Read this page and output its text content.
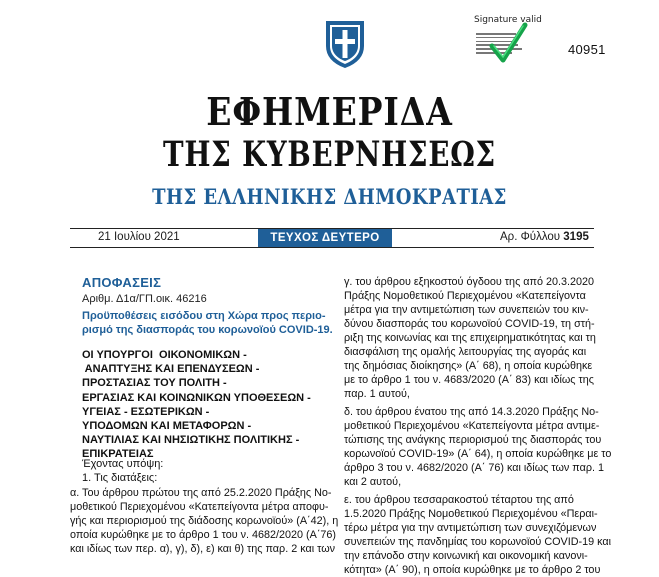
Signature valid
40951
ΕΦΗΜΕΡΙΔΑ
ΤΗΣ ΚΥΒΕΡΝΗΣΕΩΣ
ΤΗΣ ΕΛΛΗΝΙΚΗΣ ΔΗΜΟΚΡΑΤΙΑΣ
21 Ιουλίου 2021	ΤΕΥΧΟΣ ΔΕΥΤΕΡΟ	Αρ. Φύλλου 3195
ΑΠΟΦΑΣΕΙΣ
Αριθμ. Δ1α/ΓΠ.οικ. 46216
Προϋποθέσεις εισόδου στη Χώρα προς περιο-
ρισμό της διασποράς του κορωνοϊού COVID-19.
ΟΙ ΥΠΟΥΡΓΟΙ  ΟΙΚΟΝΟΜΙΚΩΝ -
ΑΝΑΠΤΥΞΗΣ ΚΑΙ ΕΠΕΝΔΥΣΕΩΝ -
ΠΡΟΣΤΑΣΙΑΣ ΤΟΥ ΠΟΛΙΤΗ -
ΕΡΓΑΣΙΑΣ ΚΑΙ ΚΟΙΝΩΝΙΚΩΝ ΥΠΟΘΕΣΕΩΝ -
ΥΓΕΙΑΣ - ΕΣΩΤΕΡΙΚΩΝ -
ΥΠΟΔΟΜΩΝ ΚΑΙ ΜΕΤΑΦΟΡΩΝ -
ΝΑΥΤΙΛΙΑΣ ΚΑΙ ΝΗΣΙΩΤΙΚΗΣ ΠΟΛΙΤΙΚΗΣ -
ΕΠΙΚΡΑΤΕΙΑΣ
Έχοντας υπόψη:
1. Τις διατάξεις:
α. Του άρθρου πρώτου της από 25.2.2020 Πράξης Νο-
μοθετικού Περιεχομένου «Κατεπείγοντα μέτρα αποφυ-
γής και περιορισμού της διάδοσης κορωνοϊού» (Α΄42), η
οποία κυρώθηκε με το άρθρο 1 του ν. 4682/2020 (Α΄76)
και ιδίως των περ. α), γ), δ), ε) και θ) της παρ. 2 και των
γ. του άρθρου εξηκοστού όγδοου της από 20.3.2020
Πράξης Νομοθετικού Περιεχομένου «Κατεπείγοντα
μέτρα για την αντιμετώπιση των συνεπειών του κιν-
δύνου διασποράς του κορωνοϊού COVID-19, τη στή-
ριξη της κοινωνίας και της επιχειρηματικότητας και τη
διασφάλιση της ομαλής λειτουργίας της αγοράς και
της δημόσιας διοίκησης» (Α΄ 68), η οποία κυρώθηκε
με το άρθρο 1 του ν. 4683/2020 (Α΄ 83) και ιδίως της
παρ. 1 αυτού,
δ. του άρθρου ένατου της από 14.3.2020 Πράξης Νο-
μοθετικού Περιεχομένου «Κατεπείγοντα μέτρα αντιμε-
τώπισης της ανάγκης περιορισμού της διασποράς του
κορωνοϊού COVID-19» (Α΄ 64), η οποία κυρώθηκε με το
άρθρο 3 του ν. 4682/2020 (Α΄ 76) και ιδίως των παρ. 1
και 2 αυτού,
ε. του άρθρου τεσσαρακοστού τέταρτου της από
1.5.2020 Πράξης Νομοθετικού Περιεχομένου «Περαι-
τέρω μέτρα για την αντιμετώπιση των συνεχιζόμενων
συνεπειών της πανδημίας του κορωνοϊού COVID-19 και
την επάνοδο στην κοινωνική και οικονομική κανονι-
κότητα» (Α΄ 90), η οποία κυρώθηκε με το άρθρο 2 του
